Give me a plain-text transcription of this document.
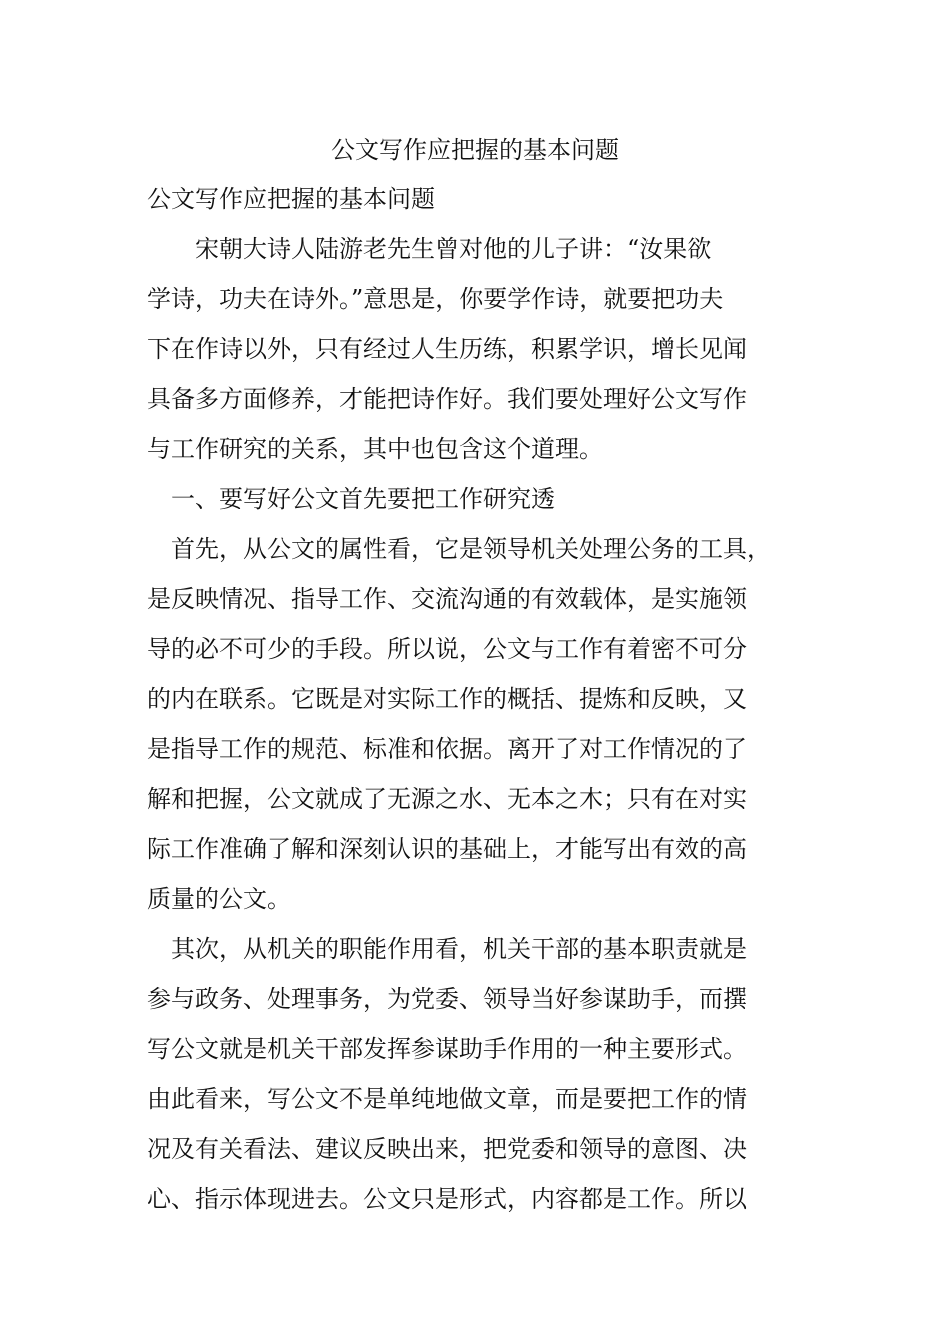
公文写作应把握的基本问题

公文写作应把握的基本问题

　　宋朝大诗人陆游老先生曾对他的儿子讲：“汝果欲

学诗，功夫在诗外。”意思是，你要学作诗，就要把功夫

下在作诗以外，只有经过人生历练，积累学识，增长见闻

具备多方面修养，才能把诗作好。我们要处理好公文写作

与工作研究的关系，其中也包含这个道理。

　一、要写好公文首先要把工作研究透

　首先，从公文的属性看，它是领导机关处理公务的工具，

是反映情况、指导工作、交流沟通的有效载体，是实施领

导的必不可少的手段。所以说，公文与工作有着密不可分

的内在联系。它既是对实际工作的概括、提炼和反映，又

是指导工作的规范、标准和依据。离开了对工作情况的了

解和把握，公文就成了无源之水、无本之木；只有在对实

际工作准确了解和深刻认识的基础上，才能写出有效的高

质量的公文。

　其次，从机关的职能作用看，机关干部的基本职责就是

参与政务、处理事务，为党委、领导当好参谋助手，而撰

写公文就是机关干部发挥参谋助手作用的一种主要形式。

由此看来，写公文不是单纯地做文章，而是要把工作的情

况及有关看法、建议反映出来，把党委和领导的意图、决

心、指示体现进去。公文只是形式，内容都是工作。所以
